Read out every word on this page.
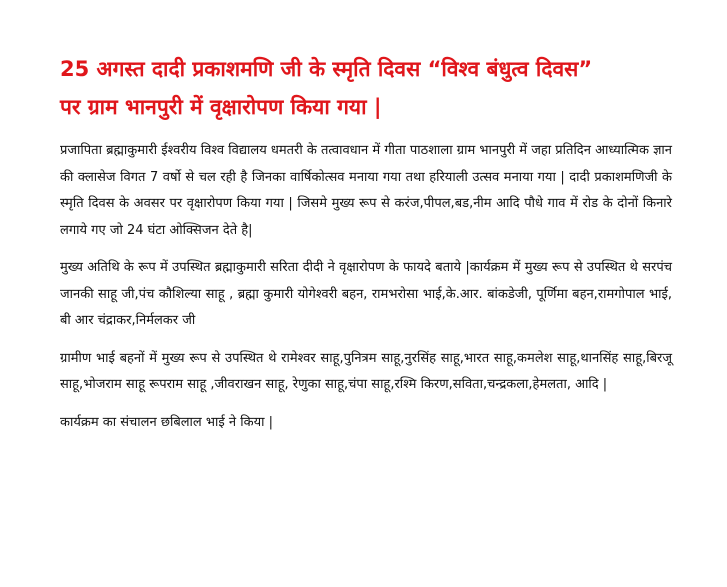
25 अगस्त दादी प्रकाशमणि जी के स्मृति दिवस “विश्व बंधुत्व दिवस”
पर ग्राम भानपुरी में वृक्षारोपण किया गया |

प्रजापिता ब्रह्माकुमारी ईश्वरीय विश्व विद्यालय धमतरी के तत्वावधान में गीता पाठशाला ग्राम भानपुरी में जहा प्रतिदिन आध्यात्मिक ज्ञान की क्लासेज विगत 7 वर्षो से चल रही है जिनका वार्षिकोत्सव मनाया गया तथा हरियाली उत्सव मनाया गया | दादी प्रकाशमणिजी के स्मृति दिवस के अवसर पर वृक्षारोपण किया गया | जिसमे मुख्य रूप से करंज,पीपल,बड,नीम आदि पौधे गाव में रोड के दोनों किनारे लगाये गए जो 24 घंटा ओक्सिजन देते है|

मुख्य अतिथि के रूप में उपस्थित ब्रह्माकुमारी सरिता दीदी ने वृक्षारोपण के फायदे बताये |कार्यक्रम में मुख्य रूप से उपस्थित थे सरपंच जानकी साहू जी,पंच कौशिल्या साहू , ब्रह्मा कुमारी योगेश्वरी बहन, रामभरोसा भाई,के.आर. बांकडेजी, पूर्णिमा बहन,रामगोपाल भाई, बी आर चंद्राकर,निर्मलकर जी

ग्रामीण भाई बहनों में मुख्य रूप से उपस्थित थे रामेश्वर साहू,पुनित्रम साहू,नुरसिंह साहू,भारत साहू,कमलेश साहू,थानसिंह साहू,बिरजू साहू,भोजराम साहू रूपराम साहू ,जीवराखन साहू, रेणुका साहू,चंपा साहू,रश्मि किरण,सविता,चन्द्रकला,हेमलता, आदि |

कार्यक्रम का संचालन छबिलाल भाई ने किया |
